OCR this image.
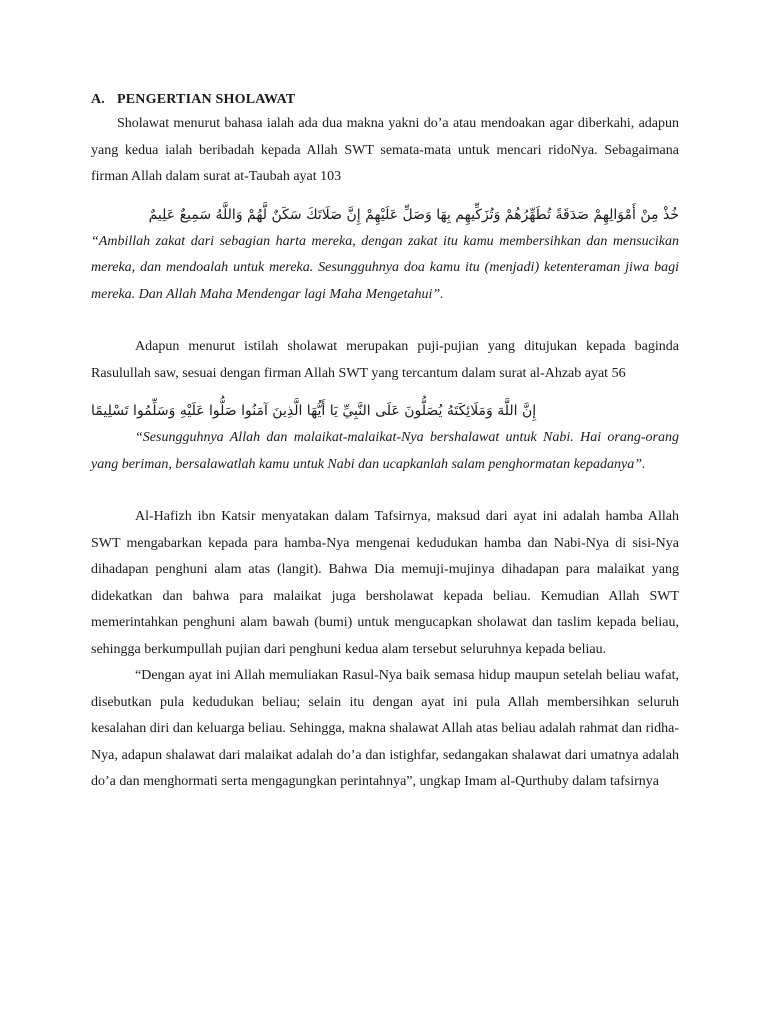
A. PENGERTIAN SHOLAWAT

Sholawat menurut bahasa ialah ada dua makna yakni do’a atau mendoakan agar diberkahi, adapun yang kedua ialah beribadah kepada Allah SWT semata-mata untuk mencari ridoNya. Sebagaimana firman Allah dalam surat at-Taubah ayat 103

خُذْ مِنْ أَمْوَالِهِمْ صَدَقَةً تُطَهِّرُهُمْ وَتُزَكِّيهِم بِهَا وَصَلِّ عَلَيْهِمْ إِنَّ صَلَاتَكَ سَكَنٌ لَّهُمْ وَاللَّهُ سَمِيعٌ عَلِيمٌ

“Ambillah zakat dari sebagian harta mereka, dengan zakat itu kamu membersihkan dan mensucikan mereka, dan mendoalah untuk mereka. Sesungguhnya doa kamu itu (menjadi) ketenteraman jiwa bagi mereka. Dan Allah Maha Mendengar lagi Maha Mengetahui”.

Adapun menurut istilah sholawat merupakan puji-pujian yang ditujukan kepada baginda Rasulullah saw, sesuai dengan firman Allah SWT yang tercantum dalam surat al-Ahzab ayat 56

إِنَّ اللَّهَ وَمَلَائِكَتَهُ يُصَلُّونَ عَلَى النَّبِيِّ يَا أَيُّهَا الَّذِينَ آمَنُوا صَلُّوا عَلَيْهِ وَسَلِّمُوا تَسْلِيمًا

“Sesungguhnya Allah dan malaikat-malaikat-Nya bershalawat untuk Nabi. Hai orang-orang yang beriman, bersalawatlah kamu untuk Nabi dan ucapkanlah salam penghormatan kepadanya”.

Al-Hafizh ibn Katsir menyatakan dalam Tafsirnya, maksud dari ayat ini adalah hamba Allah SWT mengabarkan kepada para hamba-Nya mengenai kedudukan hamba dan Nabi-Nya di sisi-Nya dihadapan penghuni alam atas (langit). Bahwa Dia memuji-mujinya dihadapan para malaikat yang didekatkan dan bahwa para malaikat juga bersholawat kepada beliau. Kemudian Allah SWT memerintahkan penghuni alam bawah (bumi) untuk mengucapkan sholawat dan taslim kepada beliau, sehingga berkumpullah pujian dari penghuni kedua alam tersebut seluruhnya kepada beliau.

“Dengan ayat ini Allah memuliakan Rasul-Nya baik semasa hidup maupun setelah beliau wafat, disebutkan pula kedudukan beliau; selain itu dengan ayat ini pula Allah membersihkan seluruh kesalahan diri dan keluarga beliau. Sehingga, makna shalawat Allah atas beliau adalah rahmat dan ridha-Nya, adapun shalawat dari malaikat adalah do’a dan istighfar, sedangakan shalawat dari umatnya adalah do’a dan menghormati serta mengagungkan perintahnya”, ungkap Imam al-Qurthuby dalam tafsirnya
